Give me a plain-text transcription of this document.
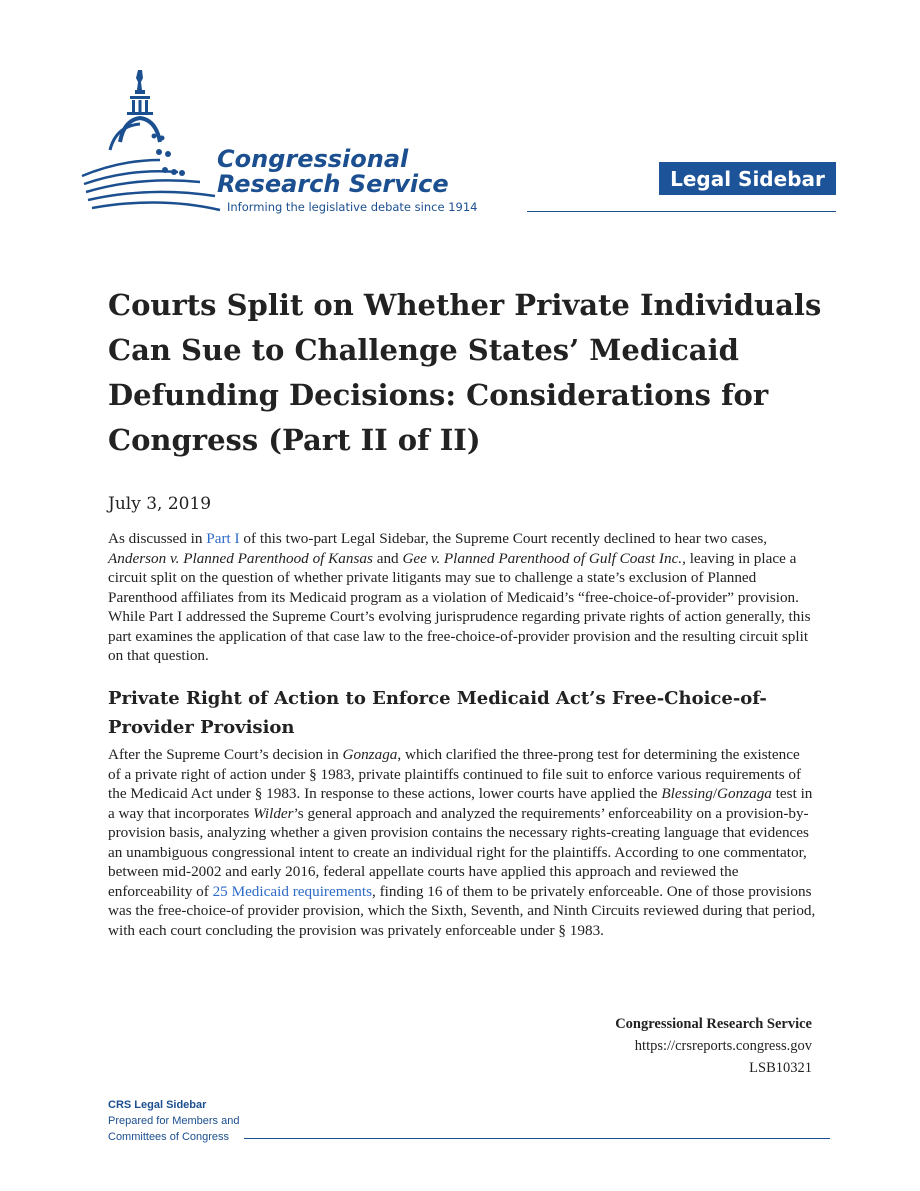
Congressional
Research Service
Informing the legislative debate since 1914
Legal Sidebar
Courts Split on Whether Private Individuals Can Sue to Challenge States’ Medicaid Defunding Decisions: Considerations for Congress (Part II of II)
July 3, 2019

As discussed in Part I of this two-part Legal Sidebar, the Supreme Court recently declined to hear two cases, Anderson v. Planned Parenthood of Kansas and Gee v. Planned Parenthood of Gulf Coast Inc., leaving in place a circuit split on the question of whether private litigants may sue to challenge a state’s exclusion of Planned Parenthood affiliates from its Medicaid program as a violation of Medicaid’s “free-choice-of-provider” provision. While Part I addressed the Supreme Court’s evolving jurisprudence regarding private rights of action generally, this part examines the application of that case law to the free-choice-of-provider provision and the resulting circuit split on that question.

Private Right of Action to Enforce Medicaid Act’s Free-Choice-of-Provider Provision

After the Supreme Court’s decision in Gonzaga, which clarified the three-prong test for determining the existence of a private right of action under § 1983, private plaintiffs continued to file suit to enforce various requirements of the Medicaid Act under § 1983. In response to these actions, lower courts have applied the Blessing/Gonzaga test in a way that incorporates Wilder’s general approach and analyzed the requirements’ enforceability on a provision-by-provision basis, analyzing whether a given provision contains the necessary rights-creating language that evidences an unambiguous congressional intent to create an individual right for the plaintiffs. According to one commentator, between mid-2002 and early 2016, federal appellate courts have applied this approach and reviewed the enforceability of 25 Medicaid requirements, finding 16 of them to be privately enforceable. One of those provisions was the free-choice-of provider provision, which the Sixth, Seventh, and Ninth Circuits reviewed during that period, with each court concluding the provision was privately enforceable under § 1983.

Congressional Research Service
https://crsreports.congress.gov
LSB10321
CRS Legal Sidebar
Prepared for Members and
Committees of Congress
